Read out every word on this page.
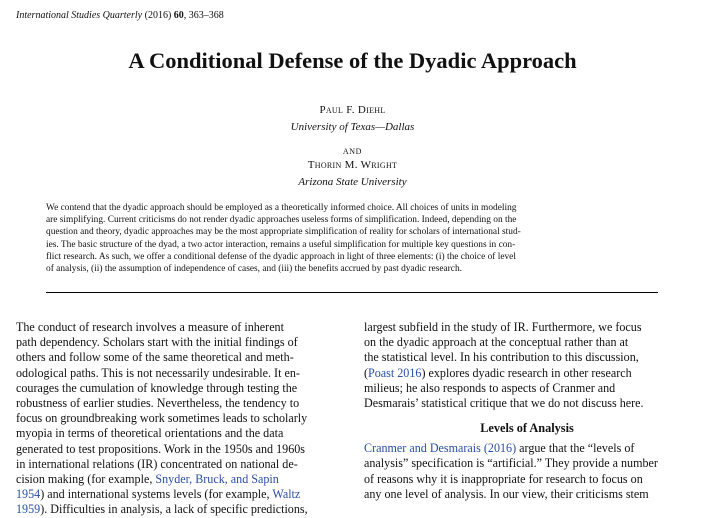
International Studies Quarterly (2016) 60, 363–368
A Conditional Defense of the Dyadic Approach
Paul F. Diehl
University of Texas—Dallas
AND
Thorin M. Wright
Arizona State University
We contend that the dyadic approach should be employed as a theoretically informed choice. All choices of units in modeling
are simplifying. Current criticisms do not render dyadic approaches useless forms of simplification. Indeed, depending on the
question and theory, dyadic approaches may be the most appropriate simplification of reality for scholars of international stud-
ies. The basic structure of the dyad, a two actor interaction, remains a useful simplification for multiple key questions in con-
flict research. As such, we offer a conditional defense of the dyadic approach in light of three elements: (i) the choice of level
of analysis, (ii) the assumption of independence of cases, and (iii) the benefits accrued by past dyadic research.
The conduct of research involves a measure of inherent
path dependency. Scholars start with the initial findings of
others and follow some of the same theoretical and meth-
odological paths. This is not necessarily undesirable. It en-
courages the cumulation of knowledge through testing the
robustness of earlier studies. Nevertheless, the tendency to
focus on groundbreaking work sometimes leads to scholarly
myopia in terms of theoretical orientations and the data
generated to test propositions. Work in the 1950s and 1960s
in international relations (IR) concentrated on national de-
cision making (for example, Snyder, Bruck, and Sapin
1954) and international systems levels (for example, Waltz
1959). Difficulties in analysis, a lack of specific predictions,
largest subfield in the study of IR. Furthermore, we focus
on the dyadic approach at the conceptual rather than at
the statistical level. In his contribution to this discussion,
(Poast 2016) explores dyadic research in other research
milieus; he also responds to aspects of Cranmer and
Desmarais’ statistical critique that we do not discuss here.
Levels of Analysis
Cranmer and Desmarais (2016) argue that the “levels of
analysis” specification is “artificial.” They provide a number
of reasons why it is inappropriate for research to focus on
any one level of analysis. In our view, their criticisms stem
